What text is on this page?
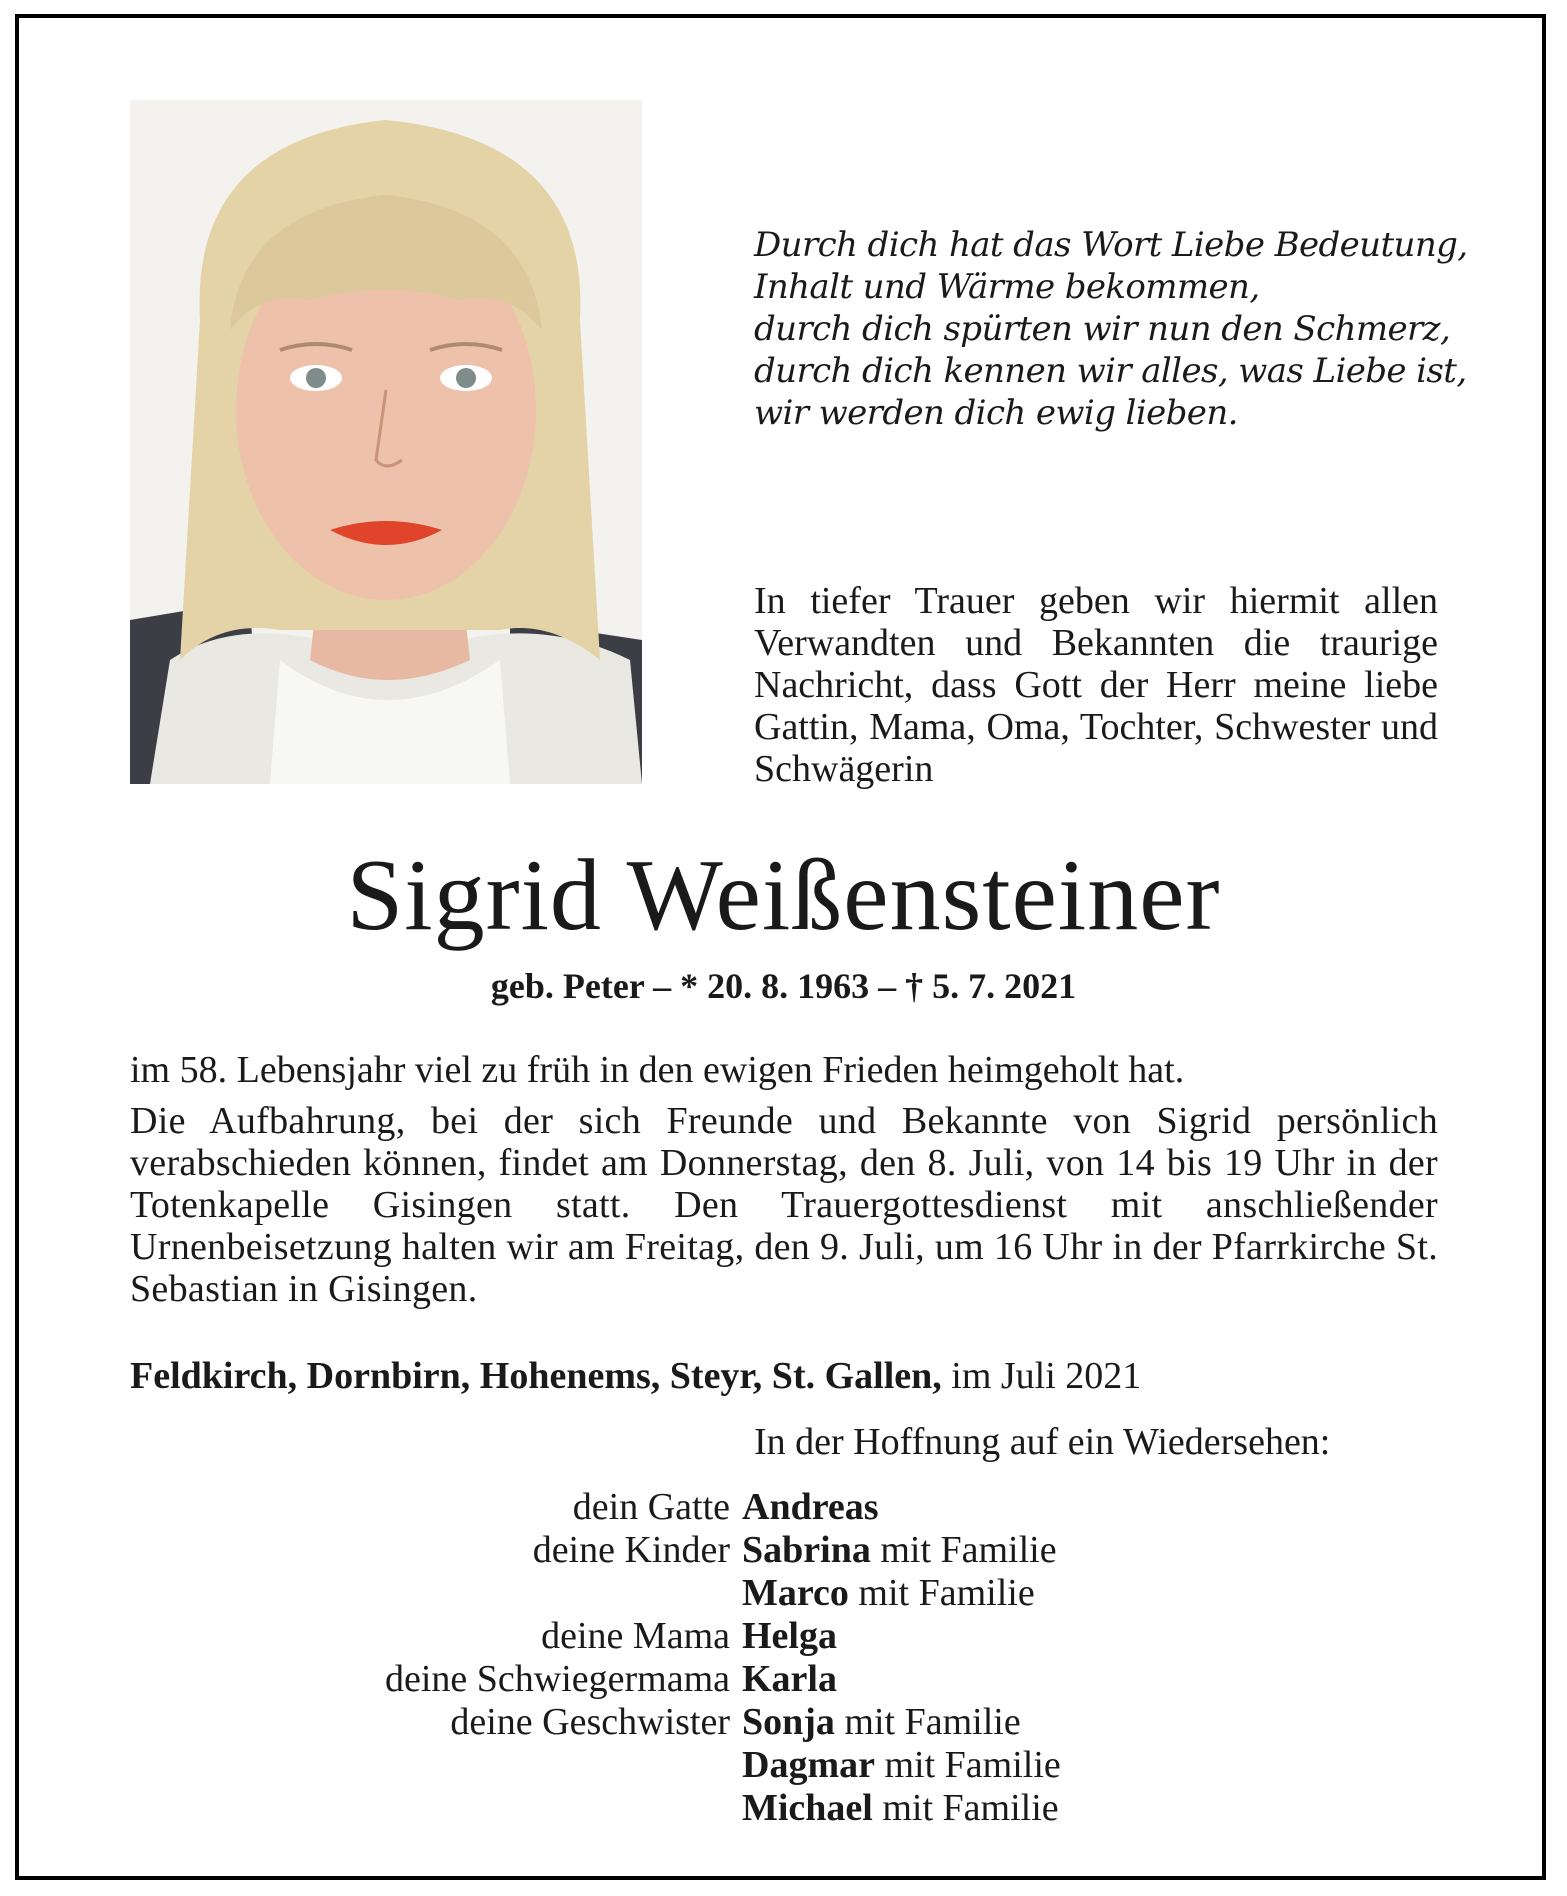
Durch dich hat das Wort Liebe Bedeutung,
Inhalt und Wärme bekommen,
durch dich spürten wir nun den Schmerz,
durch dich kennen wir alles, was Liebe ist,
wir werden dich ewig lieben.
In tiefer Trauer geben wir hiermit allen Verwandten und Bekannten die traurige Nachricht, dass Gott der Herr meine liebe Gattin, Mama, Oma, Tochter, Schwester und Schwägerin
Sigrid Weißensteiner
geb. Peter – * 20. 8. 1963 – † 5. 7. 2021
im 58. Lebensjahr viel zu früh in den ewigen Frieden heimgeholt hat.
Die Aufbahrung, bei der sich Freunde und Bekannte von Sigrid persönlich verabschieden können, findet am Donnerstag, den 8. Juli, von 14 bis 19 Uhr in der Totenkapelle Gisingen statt. Den Trauergottesdienst mit anschließender Urnenbeisetzung halten wir am Freitag, den 9. Juli, um 16 Uhr in der Pfarrkirche St. Sebastian in Gisingen.
Feldkirch, Dornbirn, Hohenems, Steyr, St. Gallen, im Juli 2021
In der Hoffnung auf ein Wiedersehen:
dein Gatte Andreas
deine Kinder Sabrina mit Familie
Marco mit Familie
deine Mama Helga
deine Schwiegermama Karla
deine Geschwister Sonja mit Familie
Dagmar mit Familie
Michael mit Familie
